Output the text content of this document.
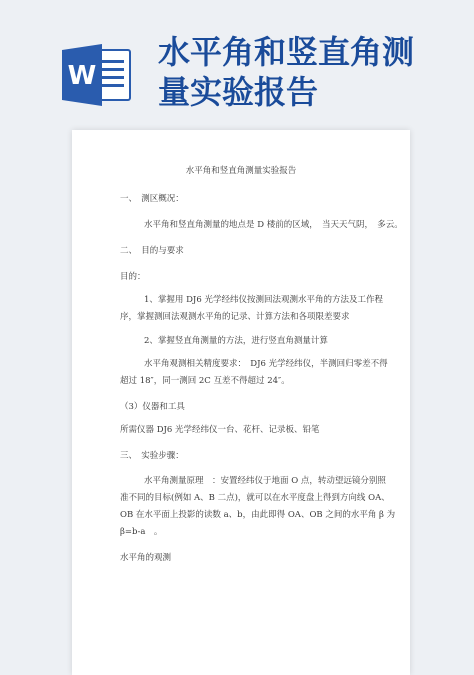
W
水平角和竖直角测
量实验报告

水平角和竖直角测量实验报告

一、　测区概况：

水平角和竖直角测量的地点是 D 楼前的区域，　当天天气阴，　多云。

二、　目的与要求

目的：

1、掌握用 DJ6 光学经纬仪按测回法观测水平角的方法及工作程

序，掌握测回法观测水平角的记录、计算方法和各项限差要求

2、掌握竖直角测量的方法，进行竖直角测量计算

水平角观测相关精度要求：　DJ6 光学经纬仪，半测回归零差不得

超过 18″，同一测回 2C 互差不得超过 24″。

（3）仪器和工具

所需仪器 DJ6 光学经纬仪一台、花杆、记录板、铅笔

三、　实验步骤：

水平角测量原理　：安置经纬仪于地面 O 点，转动望远镜分别照

准不同的目标(例如 A、B 二点)，就可以在水平度盘上得到方向线 OA、

OB 在水平面上投影的读数 a、b，由此即得 OA、OB 之间的水平角 β 为

β=b-a　。

水平角的观测
